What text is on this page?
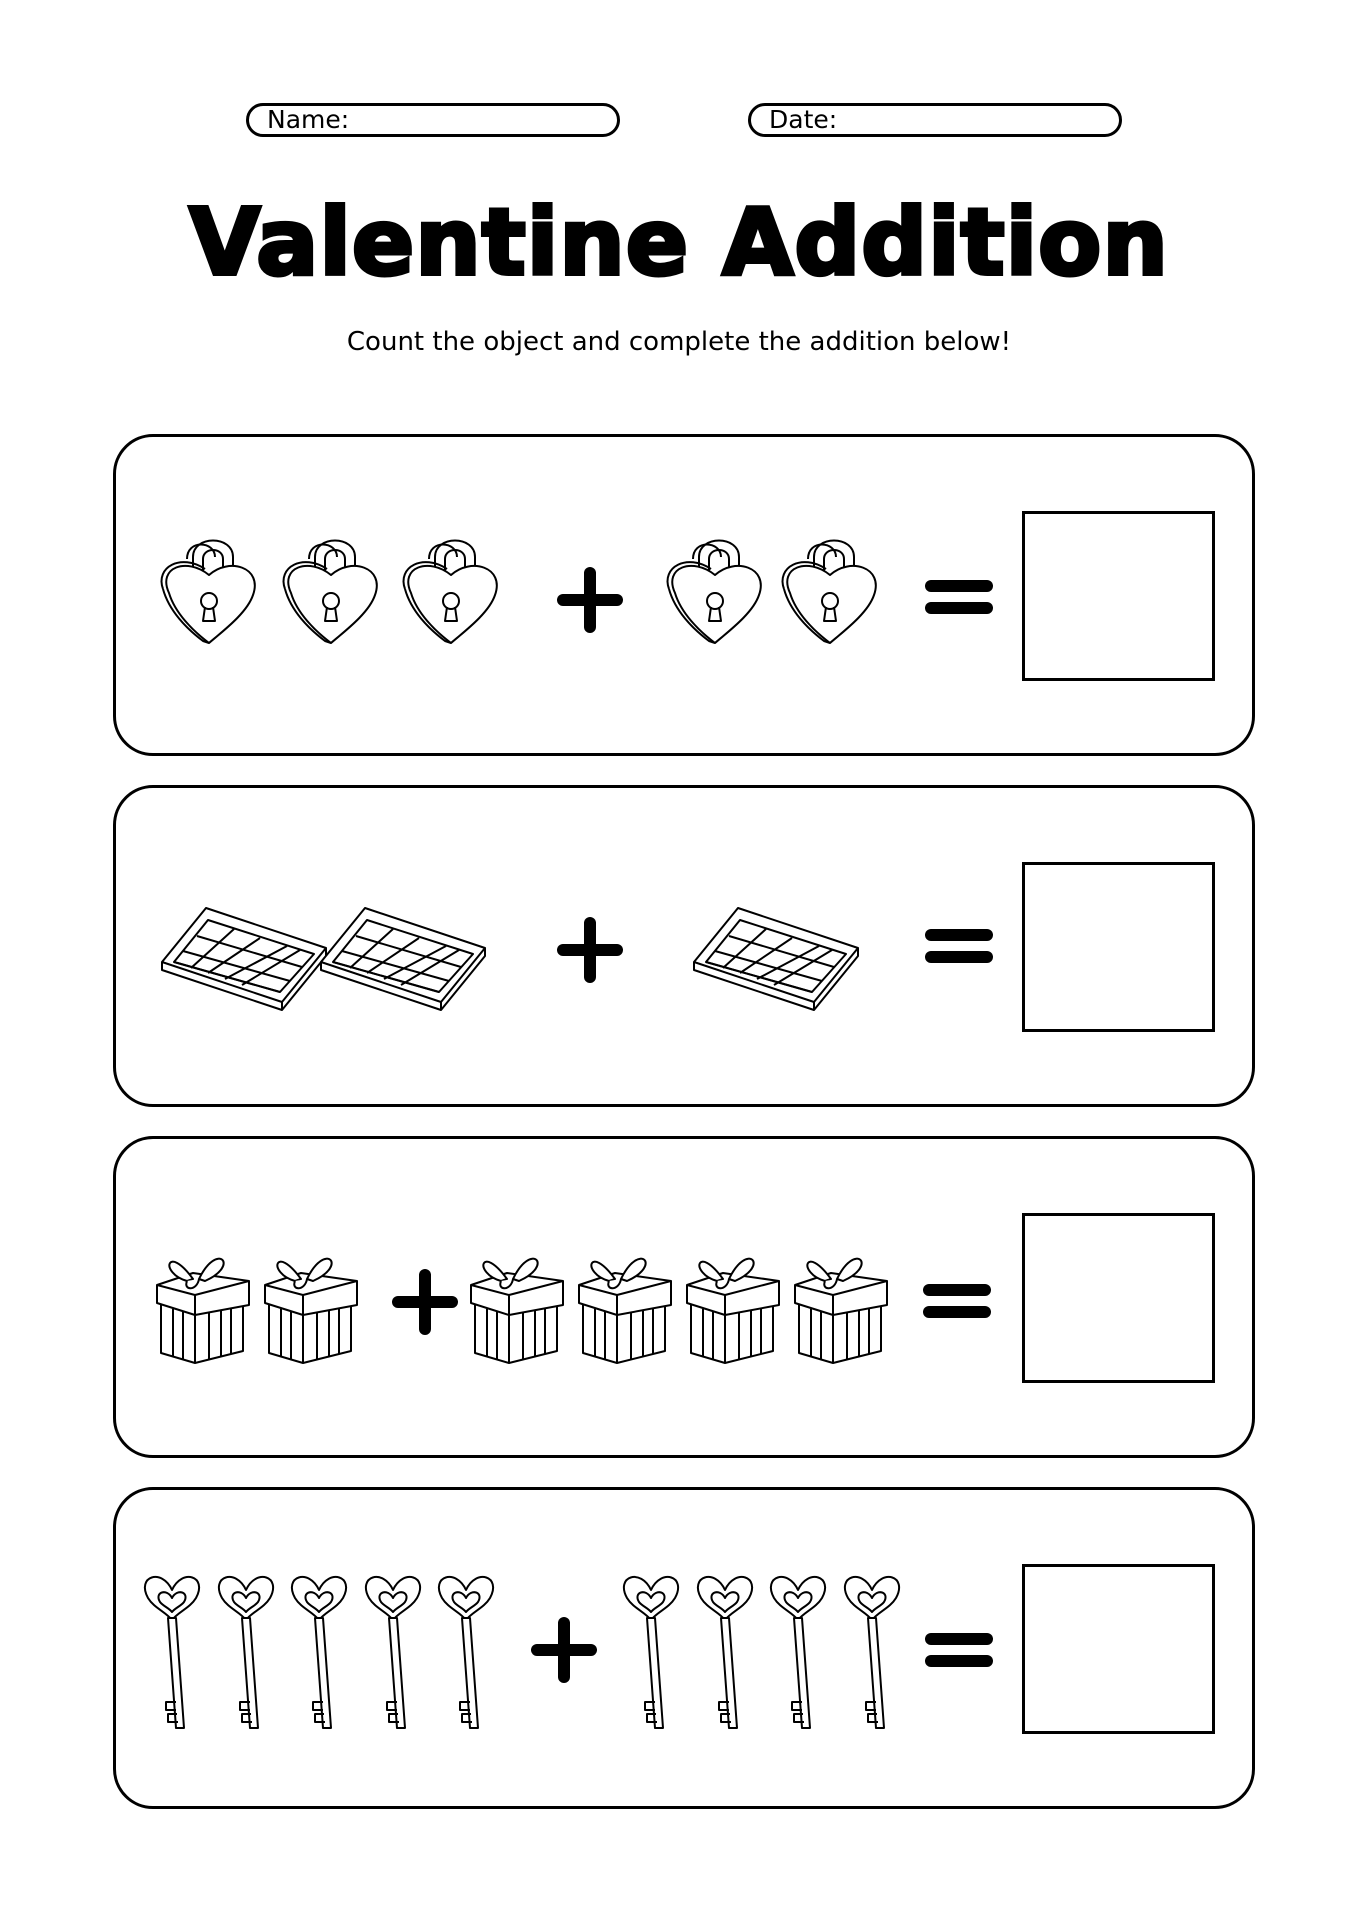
Name:	Date:
Valentine Addition
Count the object and complete the addition below!
